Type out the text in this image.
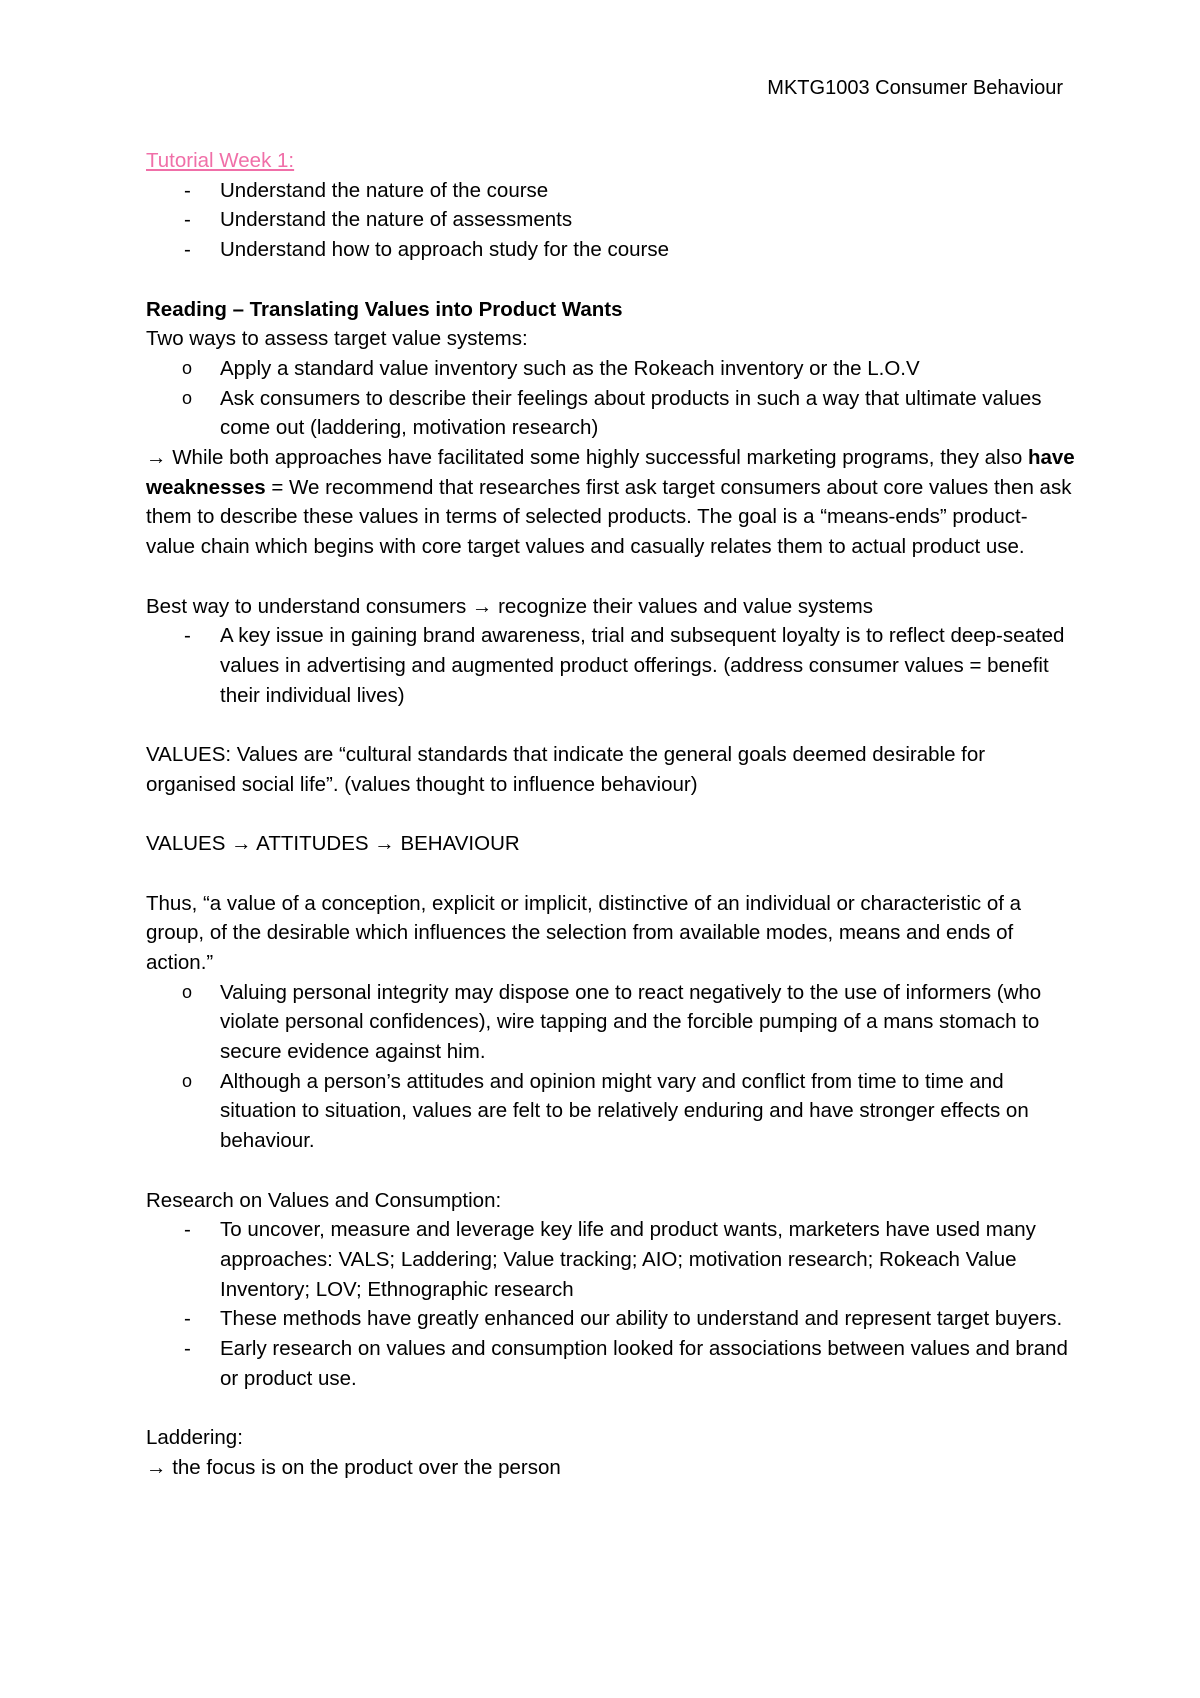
MKTG1003 Consumer Behaviour
Tutorial Week 1:
- Understand the nature of the course
- Understand the nature of assessments
- Understand how to approach study for the course
Reading – Translating Values into Product Wants
Two ways to assess target value systems:
o Apply a standard value inventory such as the Rokeach inventory or the L.O.V
o Ask consumers to describe their feelings about products in such a way that ultimate values come out (laddering, motivation research)
→ While both approaches have facilitated some highly successful marketing programs, they also have weaknesses = We recommend that researches first ask target consumers about core values then ask them to describe these values in terms of selected products. The goal is a “means-ends” product-value chain which begins with core target values and casually relates them to actual product use.
Best way to understand consumers → recognize their values and value systems
- A key issue in gaining brand awareness, trial and subsequent loyalty is to reflect deep-seated values in advertising and augmented product offerings. (address consumer values = benefit their individual lives)
VALUES: Values are “cultural standards that indicate the general goals deemed desirable for organised social life”. (values thought to influence behaviour)
VALUES → ATTITUDES → BEHAVIOUR
Thus, “a value of a conception, explicit or implicit, distinctive of an individual or characteristic of a group, of the desirable which influences the selection from available modes, means and ends of action.”
o Valuing personal integrity may dispose one to react negatively to the use of informers (who violate personal confidences), wire tapping and the forcible pumping of a mans stomach to secure evidence against him.
o Although a person’s attitudes and opinion might vary and conflict from time to time and situation to situation, values are felt to be relatively enduring and have stronger effects on behaviour.
Research on Values and Consumption:
- To uncover, measure and leverage key life and product wants, marketers have used many approaches: VALS; Laddering; Value tracking; AIO; motivation research; Rokeach Value Inventory; LOV; Ethnographic research
- These methods have greatly enhanced our ability to understand and represent target buyers.
- Early research on values and consumption looked for associations between values and brand or product use.
Laddering:
→ the focus is on the product over the person
